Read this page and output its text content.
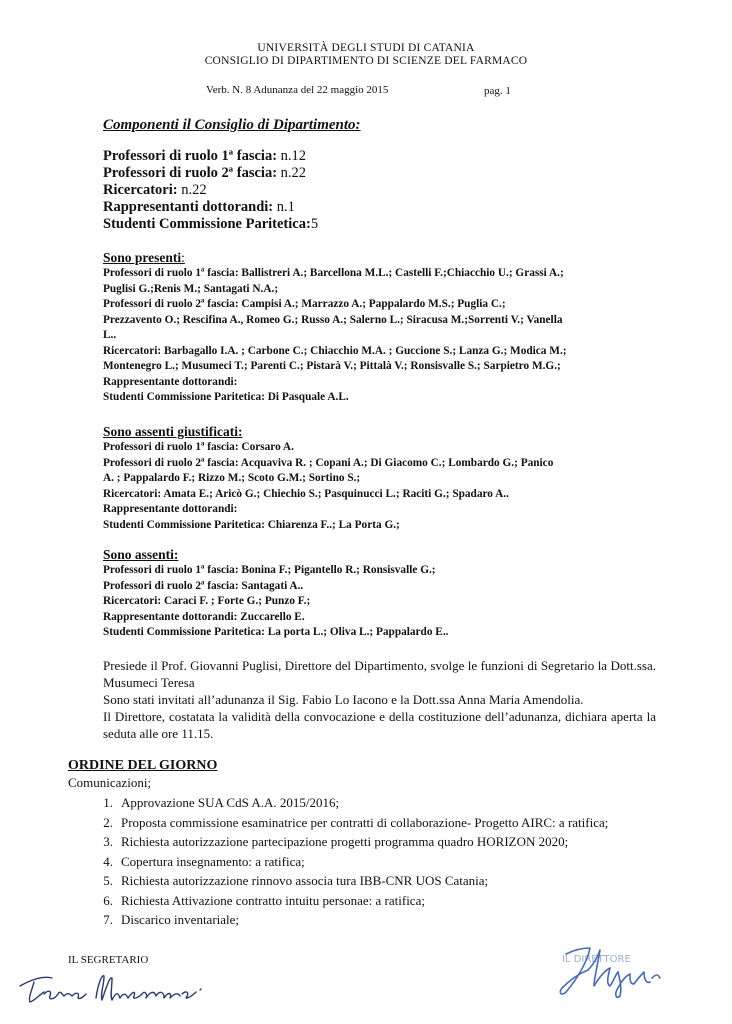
UNIVERSITÀ DEGLI STUDI DI CATANIA
CONSIGLIO DI DIPARTIMENTO DI SCIENZE DEL FARMACO
Verb. N. 8 Adunanza del 22 maggio 2015	pag. 1
Componenti il Consiglio di Dipartimento:
Professori di ruolo 1ª fascia: n.12
Professori di ruolo 2ª fascia: n.22
Ricercatori: n.22
Rappresentanti dottorandi: n.1
Studenti Commissione Paritetica:5
Sono presenti:
Professori di ruolo 1ª fascia: Ballistreri A.; Barcellona M.L.; Castelli F.;Chiacchio U.; Grassi A.;
Puglisi G.;Renis M.; Santagati N.A.;
Professori di ruolo 2ª fascia: Campisi A.; Marrazzo A.; Pappalardo M.S.; Puglia C.;
Prezzavento O.; Rescifina A., Romeo G.; Russo A.; Salerno L.; Siracusa M.;Sorrenti V.; Vanella
L..
Ricercatori: Barbagallo I.A. ; Carbone C.; Chiacchio M.A. ; Guccione S.; Lanza G.; Modica M.;
Montenegro L.; Musumeci T.; Parenti C.; Pistarà V.; Pittalà V.; Ronsisvalle S.; Sarpietro M.G.;
Rappresentante dottorandi:
Studenti Commissione Paritetica: Di Pasquale A.L.
Sono assenti giustificati:
Professori di ruolo 1ª fascia: Corsaro A.
Professori di ruolo 2ª fascia: Acquaviva R. ; Copani A.; Di Giacomo C.; Lombardo G.; Panico
A. ; Pappalardo F.; Rizzo M.; Scoto G.M.; Sortino S.;
Ricercatori: Amata E.; Aricò G.; Chiechio S.; Pasquinucci L.; Raciti G.; Spadaro A..
Rappresentante dottorandi:
Studenti Commissione Paritetica: Chiarenza F..; La Porta G.;
Sono assenti:
Professori di ruolo 1ª fascia: Bonina F.; Pigantello R.; Ronsisvalle G.;
Professori di ruolo 2ª fascia: Santagati A..
Ricercatori: Caraci F. ; Forte G.; Punzo F.;
Rappresentante dottorandi: Zuccarello E.
Studenti Commissione Paritetica: La porta L.; Oliva L.; Pappalardo E..

Presiede il Prof. Giovanni Puglisi, Direttore del Dipartimento, svolge le funzioni di Segretario la Dott.ssa. Musumeci Teresa

Sono stati invitati all’adunanza il Sig. Fabio Lo Iacono e la Dott.ssa Anna Maria Amendolia.

Il Direttore, costatata la validità della convocazione e della costituzione dell’adunanza, dichiara aperta la seduta alle ore 11.15.

ORDINE DEL GIORNO
Comunicazioni;
1. Approvazione SUA CdS A.A. 2015/2016;
2. Proposta commissione esaminatrice per contratti di collaborazione- Progetto AIRC: a ratifica;
3. Richiesta autorizzazione partecipazione progetti programma quadro HORIZON 2020;
4. Copertura insegnamento: a ratifica;
5. Richiesta autorizzazione rinnovo associa tura IBB-CNR UOS Catania;
6. Richiesta Attivazione contratto intuitu personae: a ratifica;
7. Discarico inventariale;
IL SEGRETARIO	IL DIRETTORE
